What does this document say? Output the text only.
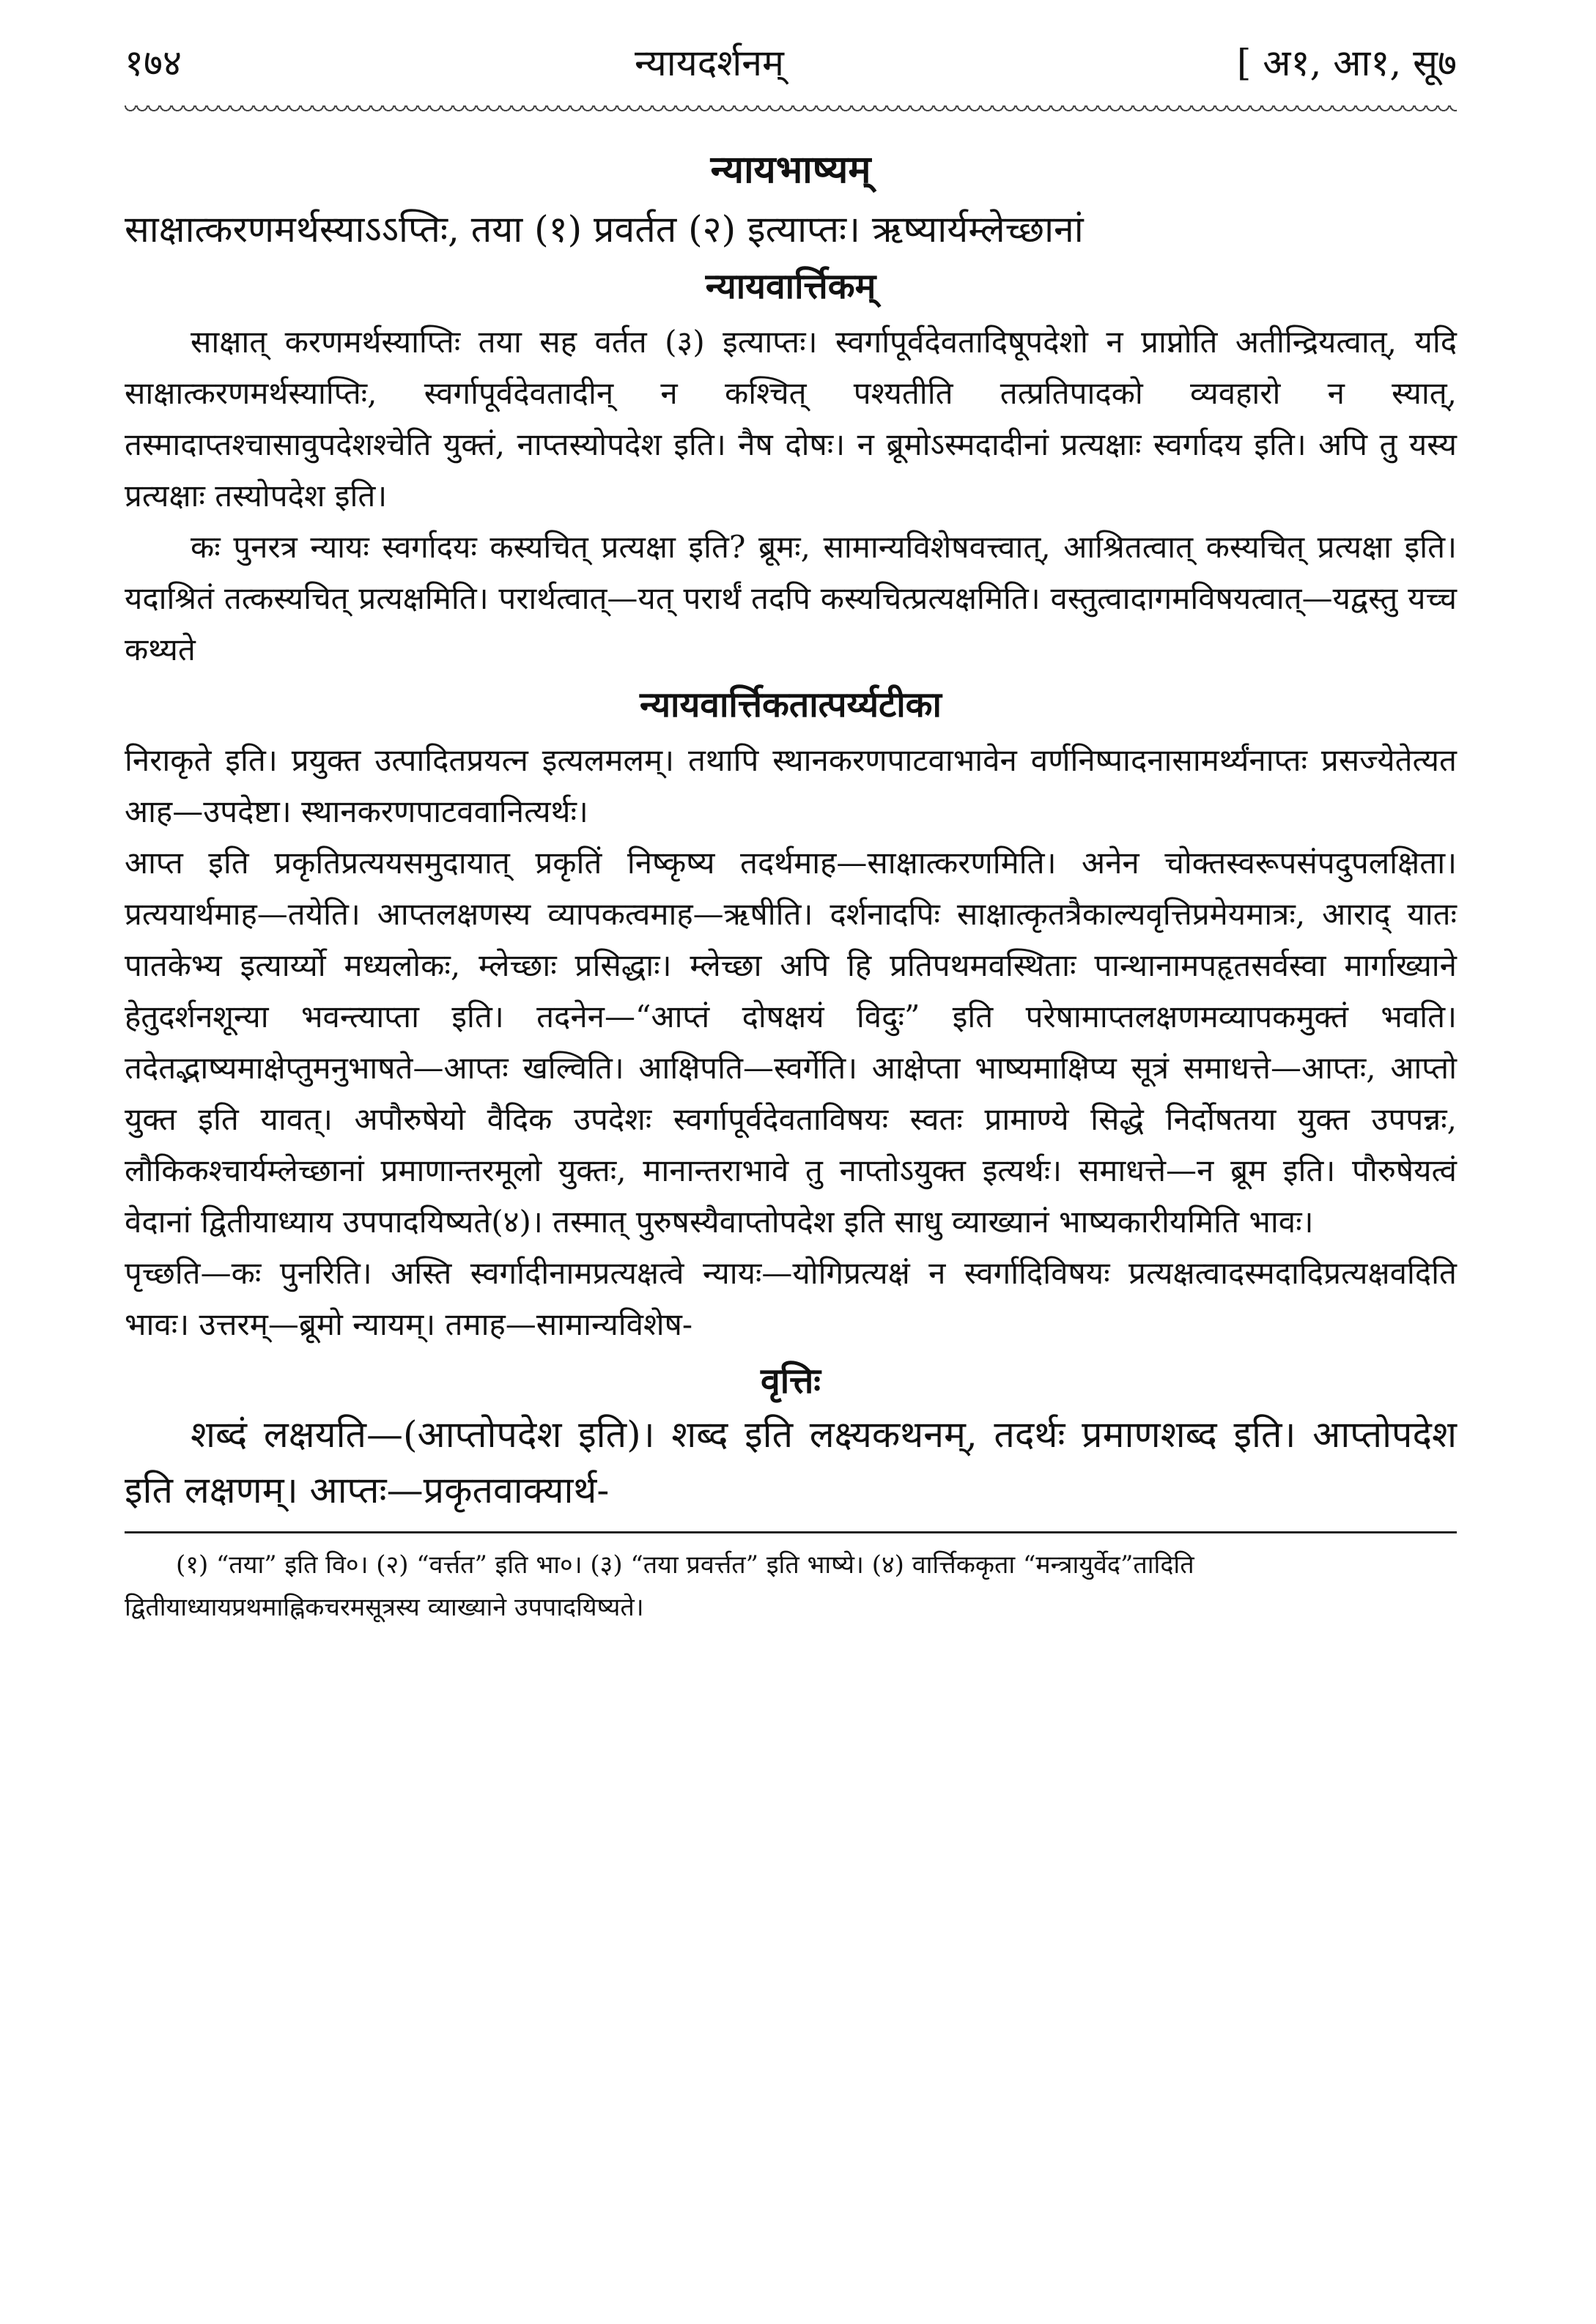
१७४	न्यायदर्शनम्	[ अ१, आ१, सू७
न्यायभाष्यम्

साक्षात्करणमर्थस्याऽऽप्तिः, तया (१) प्रवर्तत (२) इत्याप्तः। ऋष्यार्यम्लेच्छानां

न्यायवार्त्तिकम्

साक्षात् करणमर्थस्याप्तिः तया सह वर्तत (३) इत्याप्तः। स्वर्गापूर्वदेवतादिषूपदेशो न प्राप्नोति अतीन्द्रियत्वात्, यदि साक्षात्करणमर्थस्याप्तिः, स्वर्गापूर्वदेवतादीन् न कश्चित् पश्यतीति तत्प्रतिपादको व्यवहारो न स्यात्, तस्मादाप्तश्चासावुपदेशश्चेति युक्तं, नाप्तस्योपदेश इति। नैष दोषः। न ब्रूमोऽस्मदादीनां प्रत्यक्षाः स्वर्गादय इति। अपि तु यस्य प्रत्यक्षाः तस्योपदेश इति।

कः पुनरत्र न्यायः स्वर्गादयः कस्यचित् प्रत्यक्षा इति? ब्रूमः, सामान्यविशेषवत्त्वात्, आश्रितत्वात् कस्यचित् प्रत्यक्षा इति। यदाश्रितं तत्कस्यचित् प्रत्यक्षमिति। परार्थत्वात्—यत् परार्थं तदपि कस्यचित्प्रत्यक्षमिति। वस्तुत्वादागमविषयत्वात्—यद्वस्तु यच्च कथ्यते

न्यायवार्त्तिकतात्पर्य्यटीका

निराकृते इति। प्रयुक्त उत्पादितप्रयत्न इत्यलमलम्। तथापि स्थानकरणपाटवाभावेन वर्णनिष्पादनासामर्थ्यंनाप्तः प्रसज्येतेत्यत आह—उपदेष्टा। स्थानकरणपाटववानित्यर्थः।

आप्त इति प्रकृतिप्रत्ययसमुदायात् प्रकृतिं निष्कृष्य तदर्थमाह—साक्षात्करणमिति। अनेन चोक्तस्वरूपसंपदुपलक्षिता। प्रत्ययार्थमाह—तयेति। आप्तलक्षणस्य व्यापकत्वमाह—ऋषीति। दर्शनादपिः साक्षात्कृतत्रैकाल्यवृत्तिप्रमेयमात्रः, आराद् यातः पातकेभ्य इत्यार्य्यो मध्यलोकः, म्लेच्छाः प्रसिद्धाः। म्लेच्छा अपि हि प्रतिपथमवस्थिताः पान्थानामपहृतसर्वस्वा मार्गाख्याने हेतुदर्शनशून्या भवन्त्याप्ता इति। तदनेन—“आप्तं दोषक्षयं विदुः” इति परेषामाप्तलक्षणमव्यापकमुक्तं भवति। तदेतद्भाष्यमाक्षेप्तुमनुभाषते—आप्तः खल्विति। आक्षिपति—स्वर्गेति। आक्षेप्ता भाष्यमाक्षिप्य सूत्रं समाधत्ते—आप्तः, आप्तो युक्त इति यावत्। अपौरुषेयो वैदिक उपदेशः स्वर्गापूर्वदेवताविषयः स्वतः प्रामाण्ये सिद्धे निर्दोषतया युक्त उपपन्नः, लौकिकश्चार्यम्लेच्छानां प्रमाणान्तरमूलो युक्तः, मानान्तराभावे तु नाप्तोऽयुक्त इत्यर्थः। समाधत्ते—न ब्रूम इति। पौरुषेयत्वं वेदानां द्वितीयाध्याय उपपादयिष्यते(४)। तस्मात् पुरुषस्यैवाप्तोपदेश इति साधु व्याख्यानं भाष्यकारीयमिति भावः।

पृच्छति—कः पुनरिति। अस्ति स्वर्गादीनामप्रत्यक्षत्वे न्यायः—योगिप्रत्यक्षं न स्वर्गादिविषयः प्रत्यक्षत्वादस्मदादिप्रत्यक्षवदिति भावः। उत्तरम्—ब्रूमो न्यायम्। तमाह—सामान्यविशेष-

वृत्तिः

शब्दं लक्षयति—(आप्तोपदेश इति)। शब्द इति लक्ष्यकथनम्, तदर्थः प्रमाणशब्द इति। आप्तोपदेश इति लक्षणम्। आप्तः—प्रकृतवाक्यार्थ-

(१) “तया” इति वि०। (२) “वर्त्तत” इति भा०। (३) “तया प्रवर्त्तत” इति भाष्ये। (४) वार्त्तिककृता “मन्त्रायुर्वेद”तादिति द्वितीयाध्यायप्रथमाह्निकचरमसूत्रस्य व्याख्याने उपपादयिष्यते।
